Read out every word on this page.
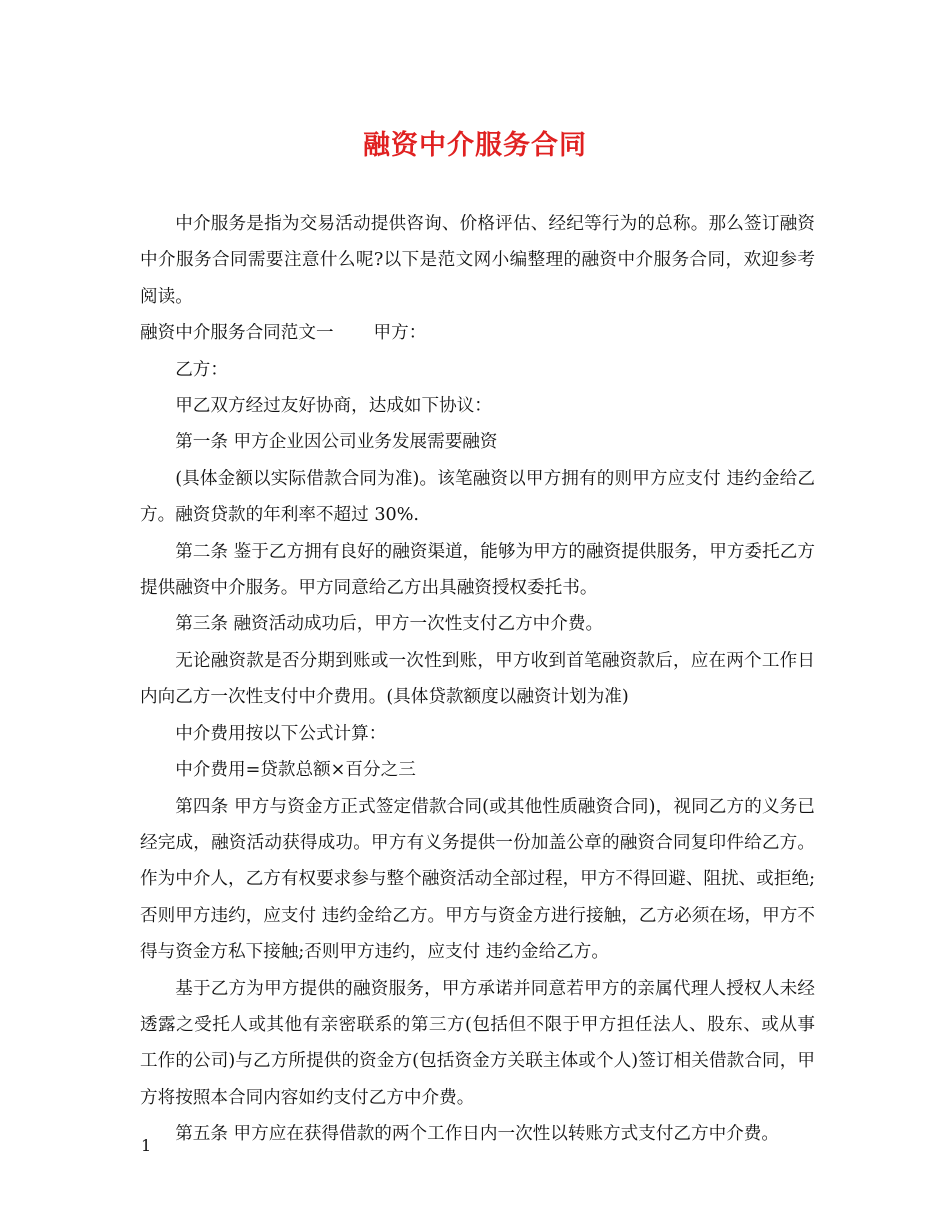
融资中介服务合同

中介服务是指为交易活动提供咨询、价格评估、经纪等行为的总称。那么签订融资中介服务合同需要注意什么呢?以下是范文网小编整理的融资中介服务合同，欢迎参考阅读。

融资中介服务合同范文一 甲方：

乙方：

甲乙双方经过友好协商，达成如下协议：

第一条 甲方企业因公司业务发展需要融资

(具体金额以实际借款合同为准)。该笔融资以甲方拥有的则甲方应支付 违约金给乙方。融资贷款的年利率不超过 30%.

第二条 鉴于乙方拥有良好的融资渠道，能够为甲方的融资提供服务，甲方委托乙方提供融资中介服务。甲方同意给乙方出具融资授权委托书。

第三条 融资活动成功后，甲方一次性支付乙方中介费。

无论融资款是否分期到账或一次性到账，甲方收到首笔融资款后，应在两个工作日内向乙方一次性支付中介费用。(具体贷款额度以融资计划为准)

中介费用按以下公式计算：

中介费用=贷款总额×百分之三

第四条 甲方与资金方正式签定借款合同(或其他性质融资合同)，视同乙方的义务已经完成，融资活动获得成功。甲方有义务提供一份加盖公章的融资合同复印件给乙方。作为中介人，乙方有权要求参与整个融资活动全部过程，甲方不得回避、阻扰、或拒绝;否则甲方违约，应支付 违约金给乙方。甲方与资金方进行接触，乙方必须在场，甲方不得与资金方私下接触;否则甲方违约，应支付 违约金给乙方。

基于乙方为甲方提供的融资服务，甲方承诺并同意若甲方的亲属代理人授权人未经透露之受托人或其他有亲密联系的第三方(包括但不限于甲方担任法人、股东、或从事工作的公司)与乙方所提供的资金方(包括资金方关联主体或个人)签订相关借款合同，甲方将按照本合同内容如约支付乙方中介费。

第五条 甲方应在获得借款的两个工作日内一次性以转账方式支付乙方中介费。

1
